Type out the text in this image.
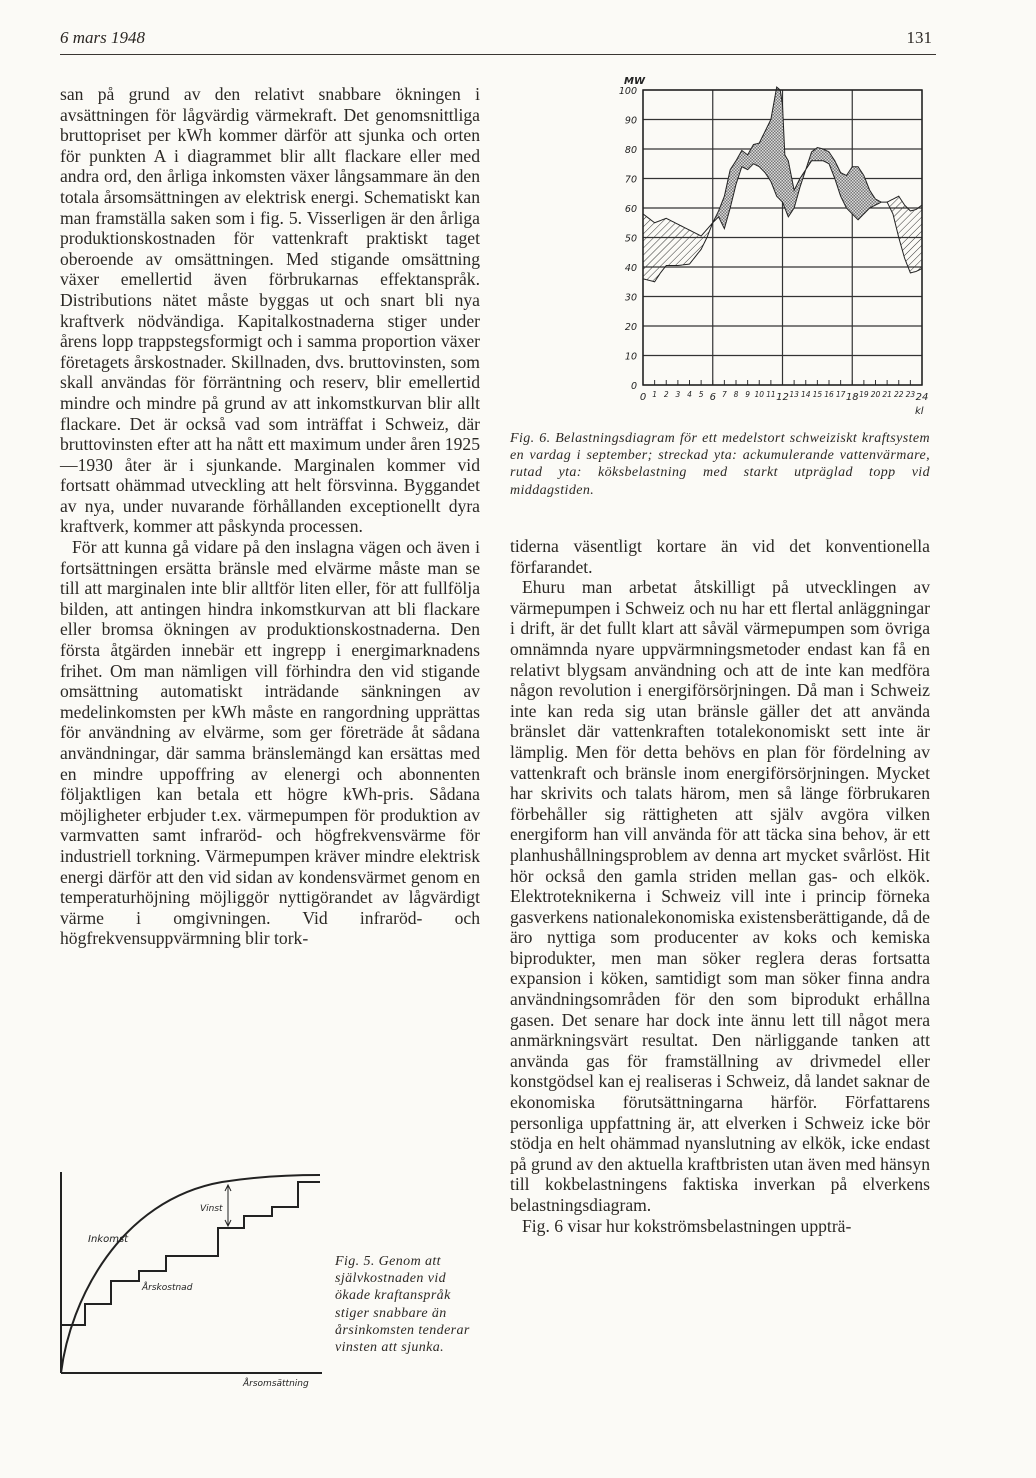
6 mars 1948	131

san på grund av den relativt snabbare ökningen i avsättningen för lågvärdig värmekraft. Det genomsnittliga bruttopriset per kWh kommer därför att sjunka och orten för punkten A i diagrammet blir allt flackare eller med andra ord, den årliga inkomsten växer långsammare än den totala årsomsättningen av elektrisk energi. Schematiskt kan man framställa saken som i fig. 5. Visserligen är den årliga produktionskostnaden för vattenkraft praktiskt taget oberoende av omsättningen. Med stigande omsättning växer emellertid även förbrukarnas effektanspråk. Distributions nätet måste byggas ut och snart bli nya kraftverk nödvändiga. Kapitalkostnaderna stiger under årens lopp trappstegsformigt och i samma proportion växer företagets årskostnader. Skillnaden, dvs. bruttovinsten, som skall användas för förräntning och reserv, blir emellertid mindre och mindre på grund av att inkomstkurvan blir allt flackare. Det är också vad som inträffat i Schweiz, där bruttovinsten efter att ha nått ett maximum under åren 1925—1930 åter är i sjunkande. Marginalen kommer vid fortsatt ohämmad utveckling att helt försvinna. Byggandet av nya, under nuvarande förhållanden exceptionellt dyra kraftverk, kommer att påskynda processen.

För att kunna gå vidare på den inslagna vägen och även i fortsättningen ersätta bränsle med elvärme måste man se till att marginalen inte blir alltför liten eller, för att fullfölja bilden, att antingen hindra inkomstkurvan att bli flackare eller bromsa ökningen av produktionskostnaderna. Den första åtgärden innebär ett ingrepp i energimarknadens frihet. Om man nämligen vill förhindra den vid stigande omsättning automatiskt inträdande sänkningen av medelinkomsten per kWh måste en rangordning upprättas för användning av elvärme, som ger företräde åt sådana användningar, där samma bränslemängd kan ersättas med en mindre uppoffring av elenergi och abonnenten följaktligen kan betala ett högre kWh-pris. Sådana möjligheter erbjuder t.ex. värmepumpen för produktion av varmvatten samt infraröd- och högfrekvensvärme för industriell torkning. Värmepumpen kräver mindre elektrisk energi därför att den vid sidan av kondensvärmet genom en temperaturhöjning möjliggör nyttigörandet av lågvärdigt värme i omgivningen. Vid infraröd- och högfrekvensuppvärmning blir tork-

0
10
20
30
40
50
60
70
80
90
100
0 1 2 3 4 5 6 7 8 9 10 11 12 13 14 15 16 17 18 19 20 21 22 23 24
MW
kl
Fig. 6. Belastningsdiagram för ett medelstort schweiziskt kraftsystem en vardag i september; streckad yta: ackumulerande vattenvärmare, rutad yta: köksbelastning med starkt utpräglad topp vid middagstiden.

tiderna väsentligt kortare än vid det konventionella förfarandet.

Ehuru man arbetat åtskilligt på utvecklingen av värmepumpen i Schweiz och nu har ett flertal anläggningar i drift, är det fullt klart att såväl värmepumpen som övriga omnämnda nyare uppvärmningsmetoder endast kan få en relativt blygsam användning och att de inte kan medföra någon revolution i energiförsörjningen. Då man i Schweiz inte kan reda sig utan bränsle gäller det att använda bränslet där vattenkraften totalekonomiskt sett inte är lämplig. Men för detta behövs en plan för fördelning av vattenkraft och bränsle inom energiförsörjningen. Mycket har skrivits och talats härom, men så länge förbrukaren förbehåller sig rättigheten att själv avgöra vilken energiform han vill använda för att täcka sina behov, är ett planhushållningsproblem av denna art mycket svårlöst. Hit hör också den gamla striden mellan gas- och elkök. Elektroteknikerna i Schweiz vill inte i princip förneka gasverkens nationalekonomiska existensberättigande, då de äro nyttiga som producenter av koks och kemiska biprodukter, men man söker reglera deras fortsatta expansion i köken, samtidigt som man söker finna andra användningsområden för den som biprodukt erhållna gasen. Det senare har dock inte ännu lett till något mera anmärkningsvärt resultat. Den närliggande tanken att använda gas för framställning av drivmedel eller konstgödsel kan ej realiseras i Schweiz, då landet saknar de ekonomiska förutsättningarna härför. Författarens personliga uppfattning är, att elverken i Schweiz icke bör stödja en helt ohämmad nyanslutning av elkök, icke endast på grund av den aktuella kraftbristen utan även med hänsyn till kokbelastningens faktiska inverkan på elverkens belastningsdiagram.

Fig. 6 visar hur kokströmsbelastningen uppträ-

Inkomst
Årskostnad
Vinst
Årsomsättning
Fig. 5. Genom att självkostnaden vid ökade kraftanspråk stiger snabbare än årsinkomsten tenderar vinsten att sjunka.
